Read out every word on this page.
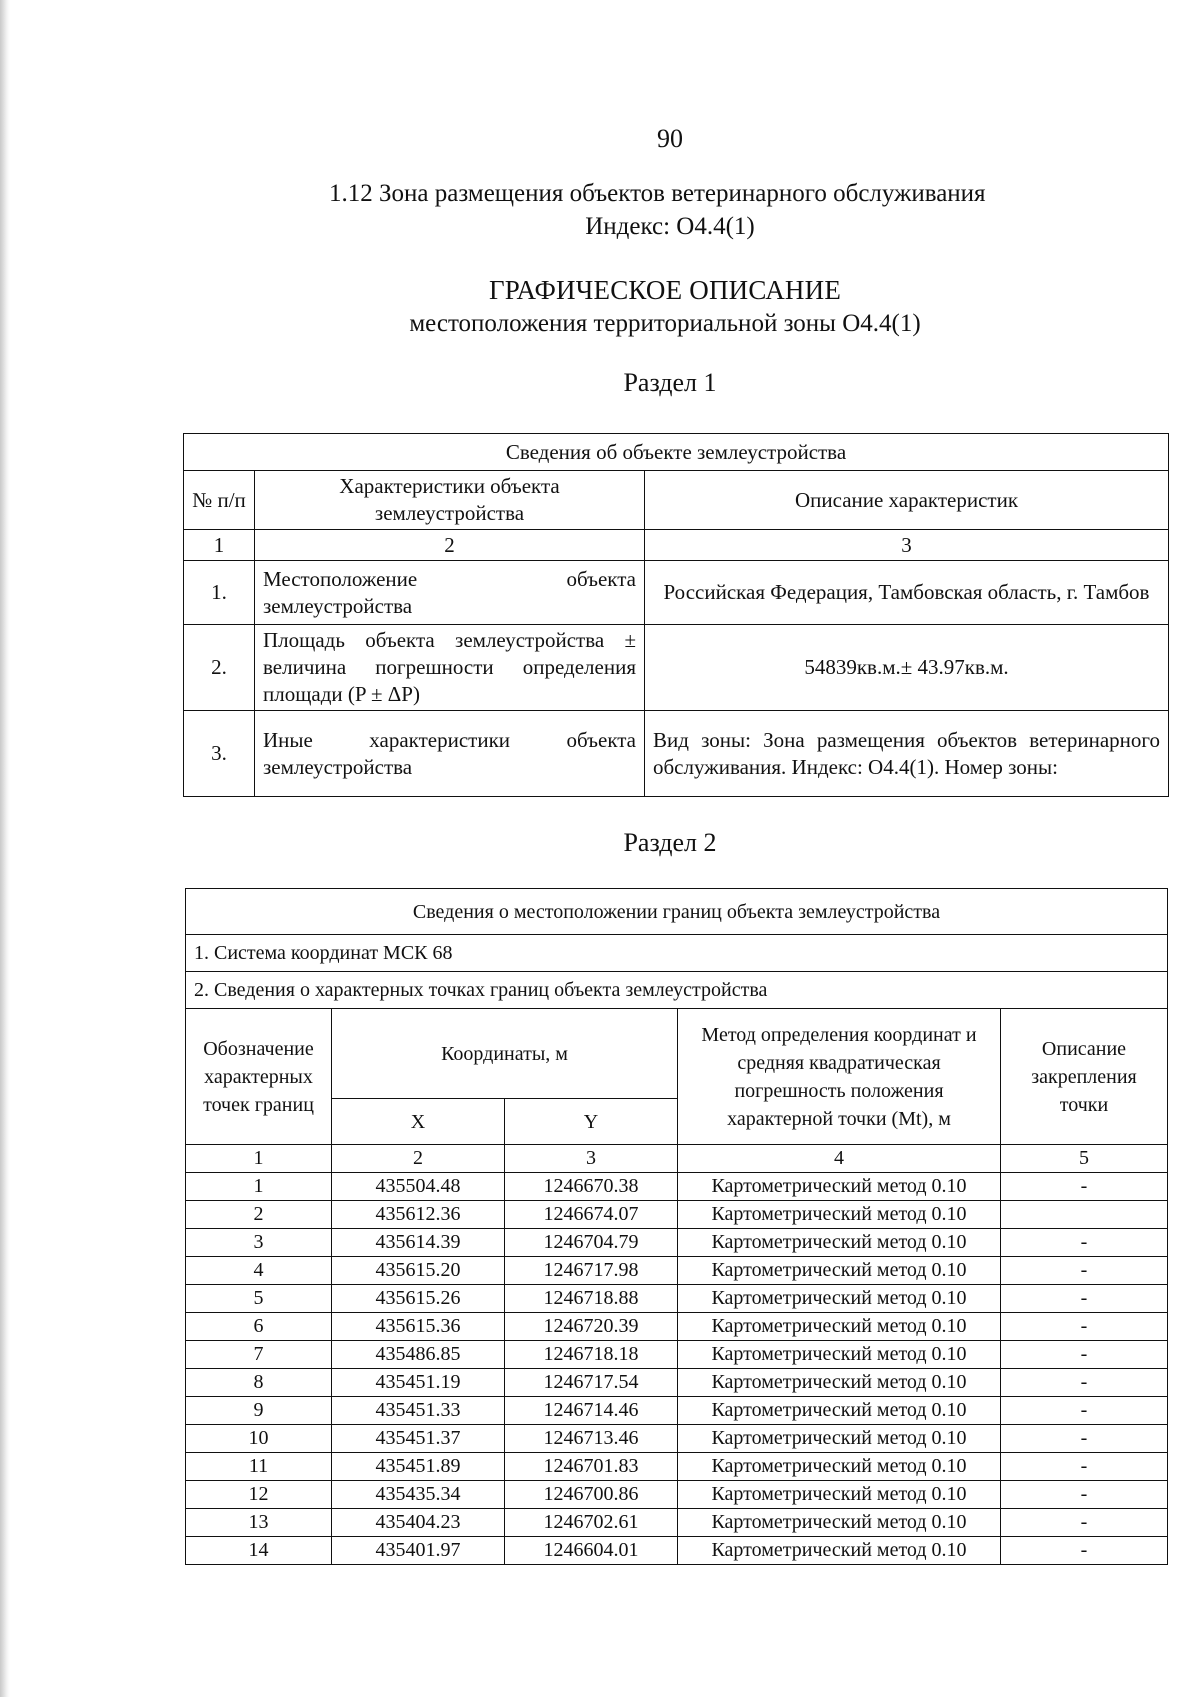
90
1.12 Зона размещения объектов ветеринарного обслуживания
Индекс: О4.4(1)
ГРАФИЧЕСКОЕ ОПИСАНИЕ
местоположения территориальной зоны О4.4(1)
Раздел 1
Сведения об объекте землеустройства		
№ п/п	Характеристики объекта землеустройства	Описание характеристик
1	2	3
1.	Местоположение объекта землеустройства	Российская Федерация, Тамбовская область, г. Тамбов
2.	Площадь объекта землеустройства ± величина погрешности определения площади (P ± ΔP)	54839кв.м.± 43.97кв.м.
3.	Иные характеристики объекта землеустройства	Вид зоны: Зона размещения объектов ветеринарного обслуживания. Индекс: О4.4(1). Номер зоны:
Раздел 2
Сведения о местоположении границ объекта землеустройства				
1. Система координат МСК 68				
2. Сведения о характерных точках границ объекта землеустройства				
Обозначение характерных точек границ	Координаты, м		Метод определения координат и средняя квадратическая погрешность положения характерной точки (Mt), м	Описание закрепления точки
	X	Y		
1	2	3	4	5
1	435504.48	1246670.38	Картометрический метод 0.10	-
2	435612.36	1246674.07	Картометрический метод 0.10	
3	435614.39	1246704.79	Картометрический метод 0.10	-
4	435615.20	1246717.98	Картометрический метод 0.10	-
5	435615.26	1246718.88	Картометрический метод 0.10	-
6	435615.36	1246720.39	Картометрический метод 0.10	-
7	435486.85	1246718.18	Картометрический метод 0.10	-
8	435451.19	1246717.54	Картометрический метод 0.10	-
9	435451.33	1246714.46	Картометрический метод 0.10	-
10	435451.37	1246713.46	Картометрический метод 0.10	-
11	435451.89	1246701.83	Картометрический метод 0.10	-
12	435435.34	1246700.86	Картометрический метод 0.10	-
13	435404.23	1246702.61	Картометрический метод 0.10	-
14	435401.97	1246604.01	Картометрический метод 0.10	-
